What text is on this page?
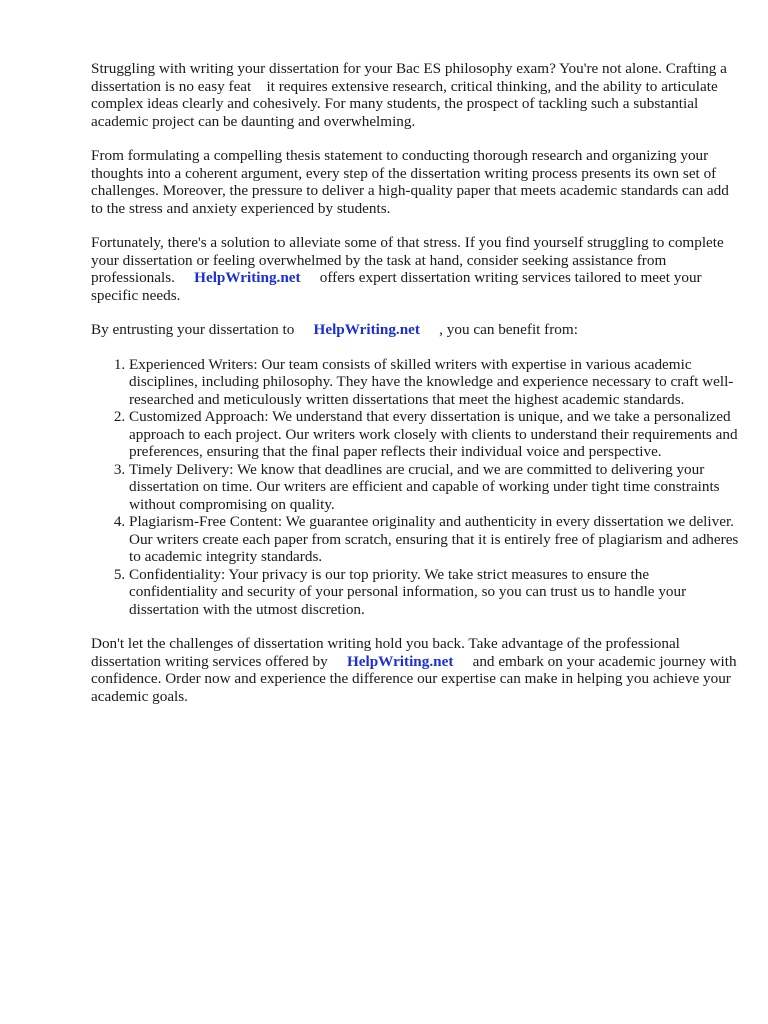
Struggling with writing your dissertation for your Bac ES philosophy exam? You're not alone. Crafting a dissertation is no easy feat it requires extensive research, critical thinking, and the ability to articulate complex ideas clearly and cohesively. For many students, the prospect of tackling such a substantial academic project can be daunting and overwhelming.

From formulating a compelling thesis statement to conducting thorough research and organizing your thoughts into a coherent argument, every step of the dissertation writing process presents its own set of challenges. Moreover, the pressure to deliver a high-quality paper that meets academic standards can add to the stress and anxiety experienced by students.

Fortunately, there's a solution to alleviate some of that stress. If you find yourself struggling to complete your dissertation or feeling overwhelmed by the task at hand, consider seeking assistance from professionals. HelpWriting.net offers expert dissertation writing services tailored to meet your specific needs.

By entrusting your dissertation to HelpWriting.net , you can benefit from:

1. Experienced Writers: Our team consists of skilled writers with expertise in various academic disciplines, including philosophy. They have the knowledge and experience necessary to craft well-researched and meticulously written dissertations that meet the highest academic standards.
2. Customized Approach: We understand that every dissertation is unique, and we take a personalized approach to each project. Our writers work closely with clients to understand their requirements and preferences, ensuring that the final paper reflects their individual voice and perspective.
3. Timely Delivery: We know that deadlines are crucial, and we are committed to delivering your dissertation on time. Our writers are efficient and capable of working under tight time constraints without compromising on quality.
4. Plagiarism-Free Content: We guarantee originality and authenticity in every dissertation we deliver. Our writers create each paper from scratch, ensuring that it is entirely free of plagiarism and adheres to academic integrity standards.
5. Confidentiality: Your privacy is our top priority. We take strict measures to ensure the confidentiality and security of your personal information, so you can trust us to handle your dissertation with the utmost discretion.

Don't let the challenges of dissertation writing hold you back. Take advantage of the professional dissertation writing services offered by HelpWriting.net and embark on your academic journey with confidence. Order now and experience the difference our expertise can make in helping you achieve your academic goals.
